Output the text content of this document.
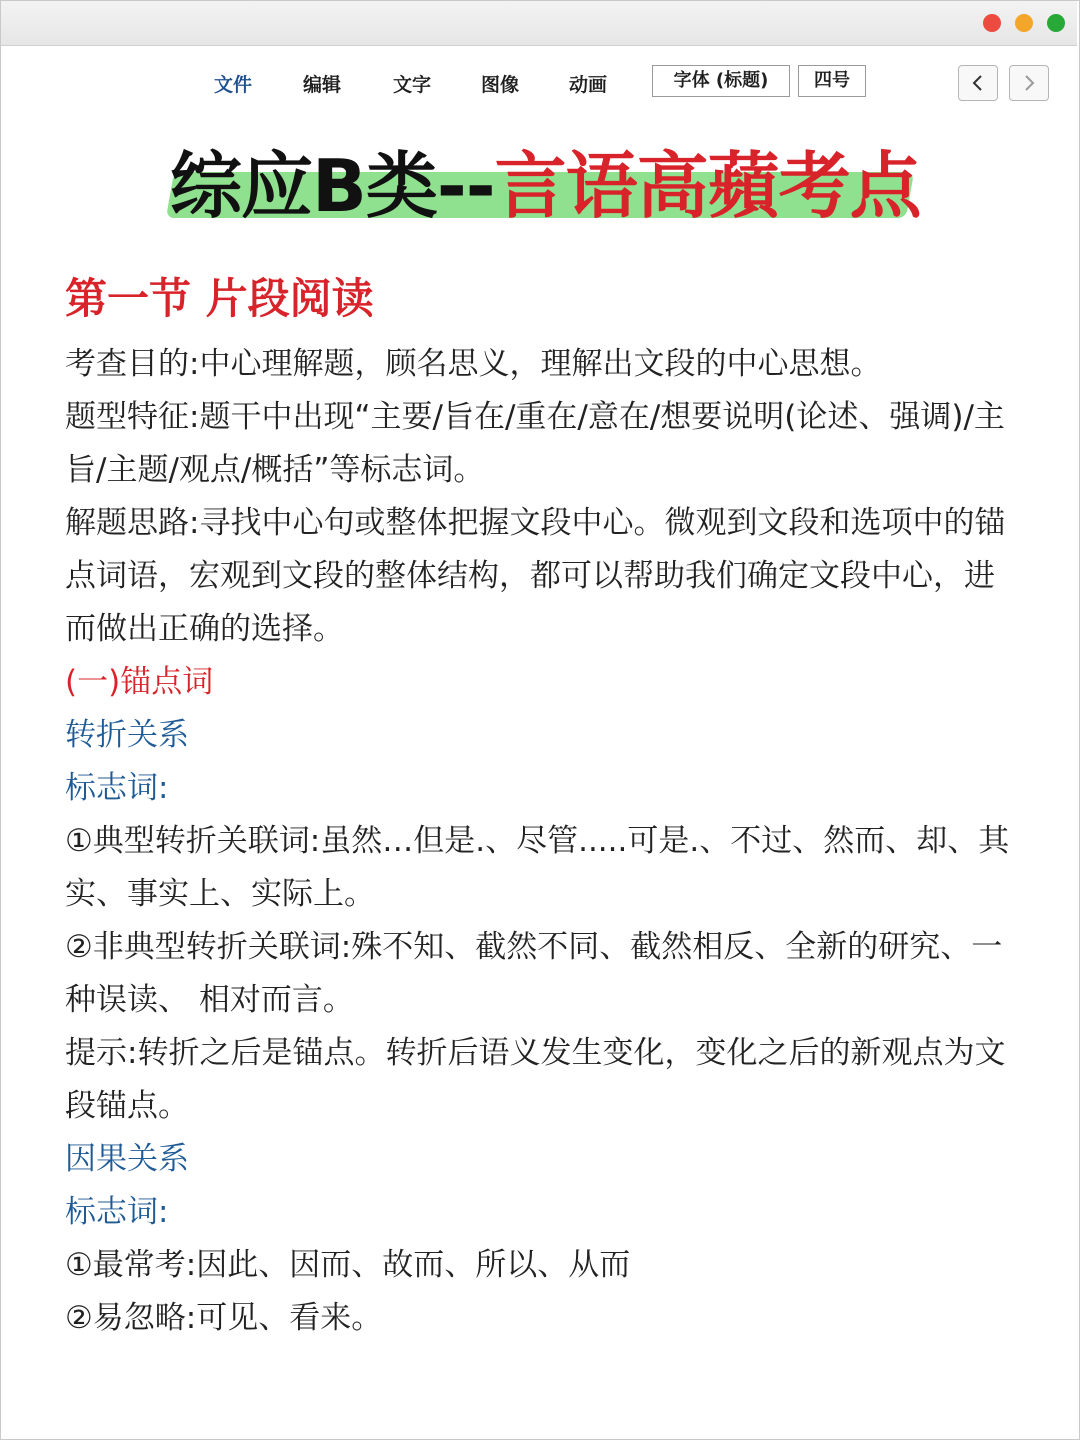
文件	编辑	文字	图像	动画	字体 (标题)	四号
综应B类--言语高蘋考点
第一节 片段阅读

考查目的:中心理解题，顾名思义，理解出文段的中心思想。

题型特征:题干中出现“主要/旨在/重在/意在/想要说明(论述、强调)/主 旨/主题/观点/概括”等标志词。

解题思路:寻找中心句或整体把握文段中心。微观到文段和选项中的锚点词语，宏观到文段的整体结构，都可以帮助我们确定文段中心，进而做出正确的选择。

(一)锚点词

转折关系

标志词:

①典型转折关联词:虽然…但是.、尽管.....可是.、不过、然而、却、其实、事实上、实际上。

②非典型转折关联词:殊不知、截然不同、截然相反、全新的研究、一种误读、 相对而言。

提示:转折之后是锚点。转折后语义发生变化，变化之后的新观点为文段锚点。

因果关系

标志词:

①最常考:因此、因而、故而、所以、从而

②易忽略:可见、看来。
